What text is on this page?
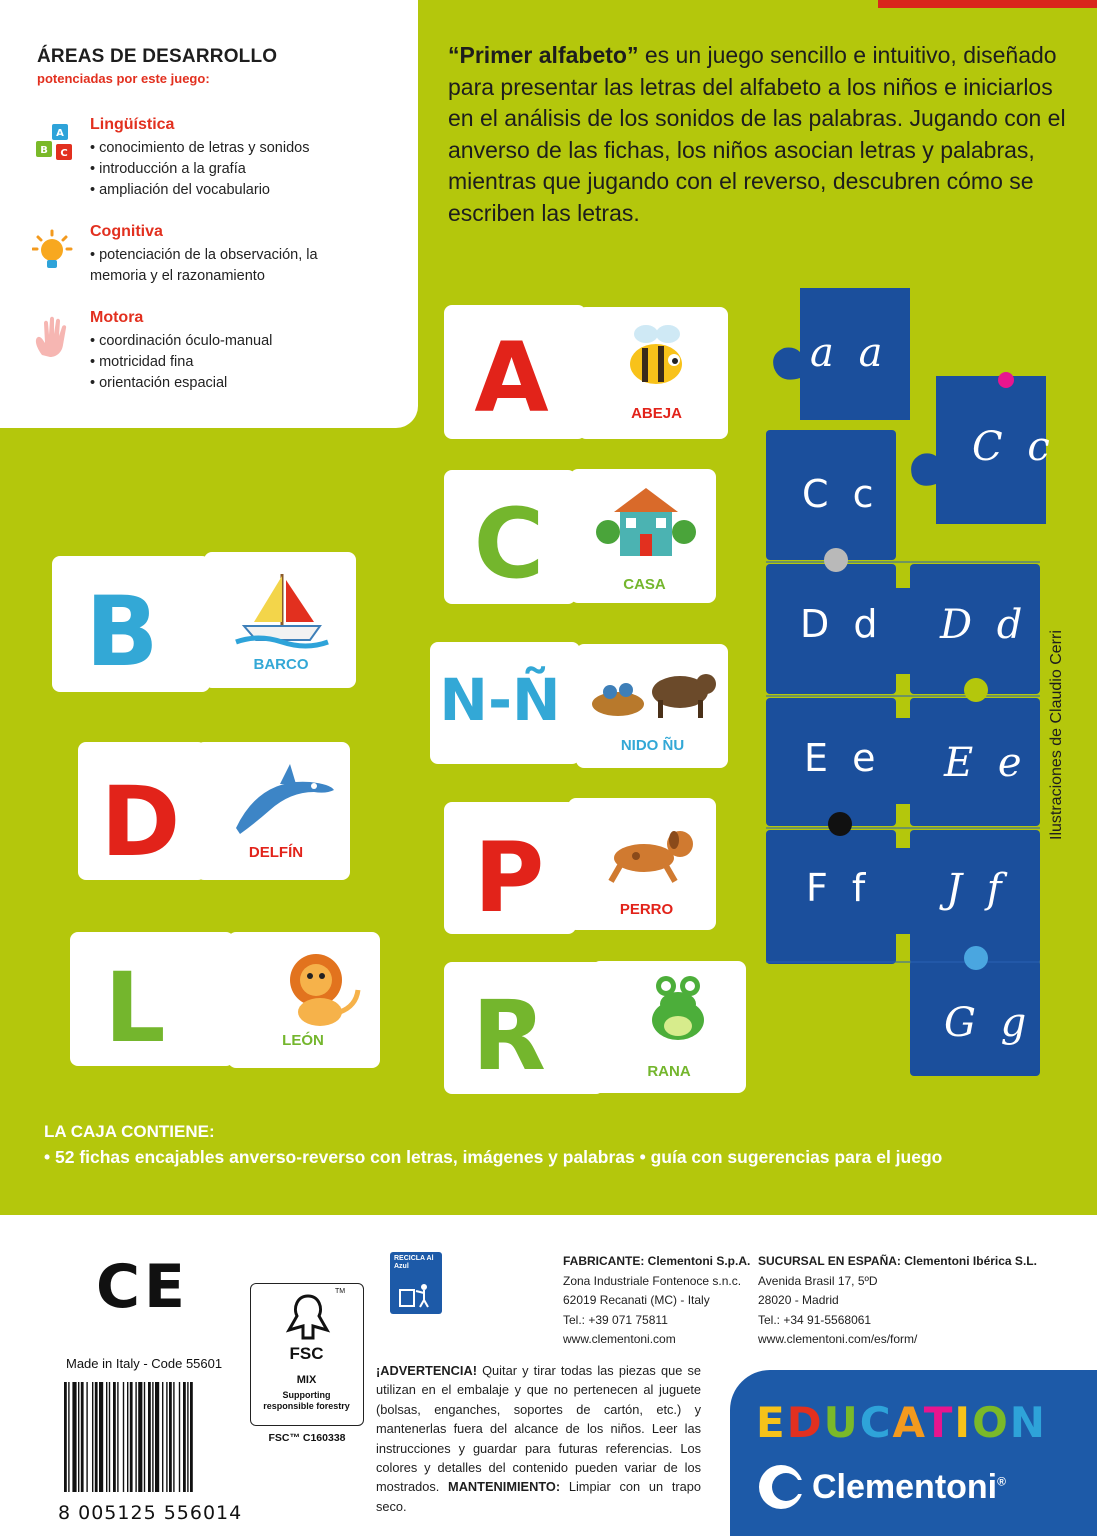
ÁREAS DE DESARROLLO
potenciadas por este juego:
A
B C
Lingüística
• conocimiento de letras y sonidos
• introducción a la grafía
• ampliación del vocabulario
Cognitiva
• potenciación de la observación, la
memoria y el razonamiento
Motora
• coordinación óculo-manual
• motricidad fina
• orientación espacial
“Primer alfabeto” es un juego sencillo e intuitivo, diseñado para presentar las letras del alfabeto a los niños e iniciarlos en el análisis de los sonidos de las palabras. Jugando con el anverso de las fichas, los niños asocian letras y palabras, mientras que jugando con el reverso, descubren cómo se escriben las letras.
A	ABEJA
C	CASA
N-Ñ
NIDO ÑU
P	PERRO
R	RANA
B	BARCO
D	DELFÍN
L	LEÓN
a a
C c
C c
D d D d
E e E e
F f J f
G g
Ilustraciones de Claudio Cerri
LA CAJA CONTIENE:
• 52 fichas encajables anverso-reverso con letras, imágenes y palabras • guía con sugerencias para el juego
CE
Made in Italy - Code 55601
8 005125 556014
TM
FSC
MIX
Supporting
responsible forestry
FSC™ C160338
RECICLA Al Azul	FABRICANTE: Clementoni S.p.A.
Zona Industriale Fontenoce s.n.c.
62019 Recanati (MC) - Italy
Tel.: +39 071 75811
www.clementoni.com
SUCURSAL EN ESPAÑA: Clementoni Ibérica S.L.
Avenida Brasil 17, 5ºD
28020 - Madrid
Tel.: +34 91-5568061
www.clementoni.com/es/form/
¡ADVERTENCIA! Quitar y tirar todas las piezas que se utilizan en el embalaje y que no pertenecen al juguete (bolsas, enganches, soportes de cartón, etc.) y mantenerlas fuera del alcance de los niños. Leer las instrucciones y guardar para futuras referencias. Los colores y detalles del contenido pueden variar de los mostrados. MANTENIMIENTO: Limpiar con un trapo seco.
EDUCATION
Clementoni®
